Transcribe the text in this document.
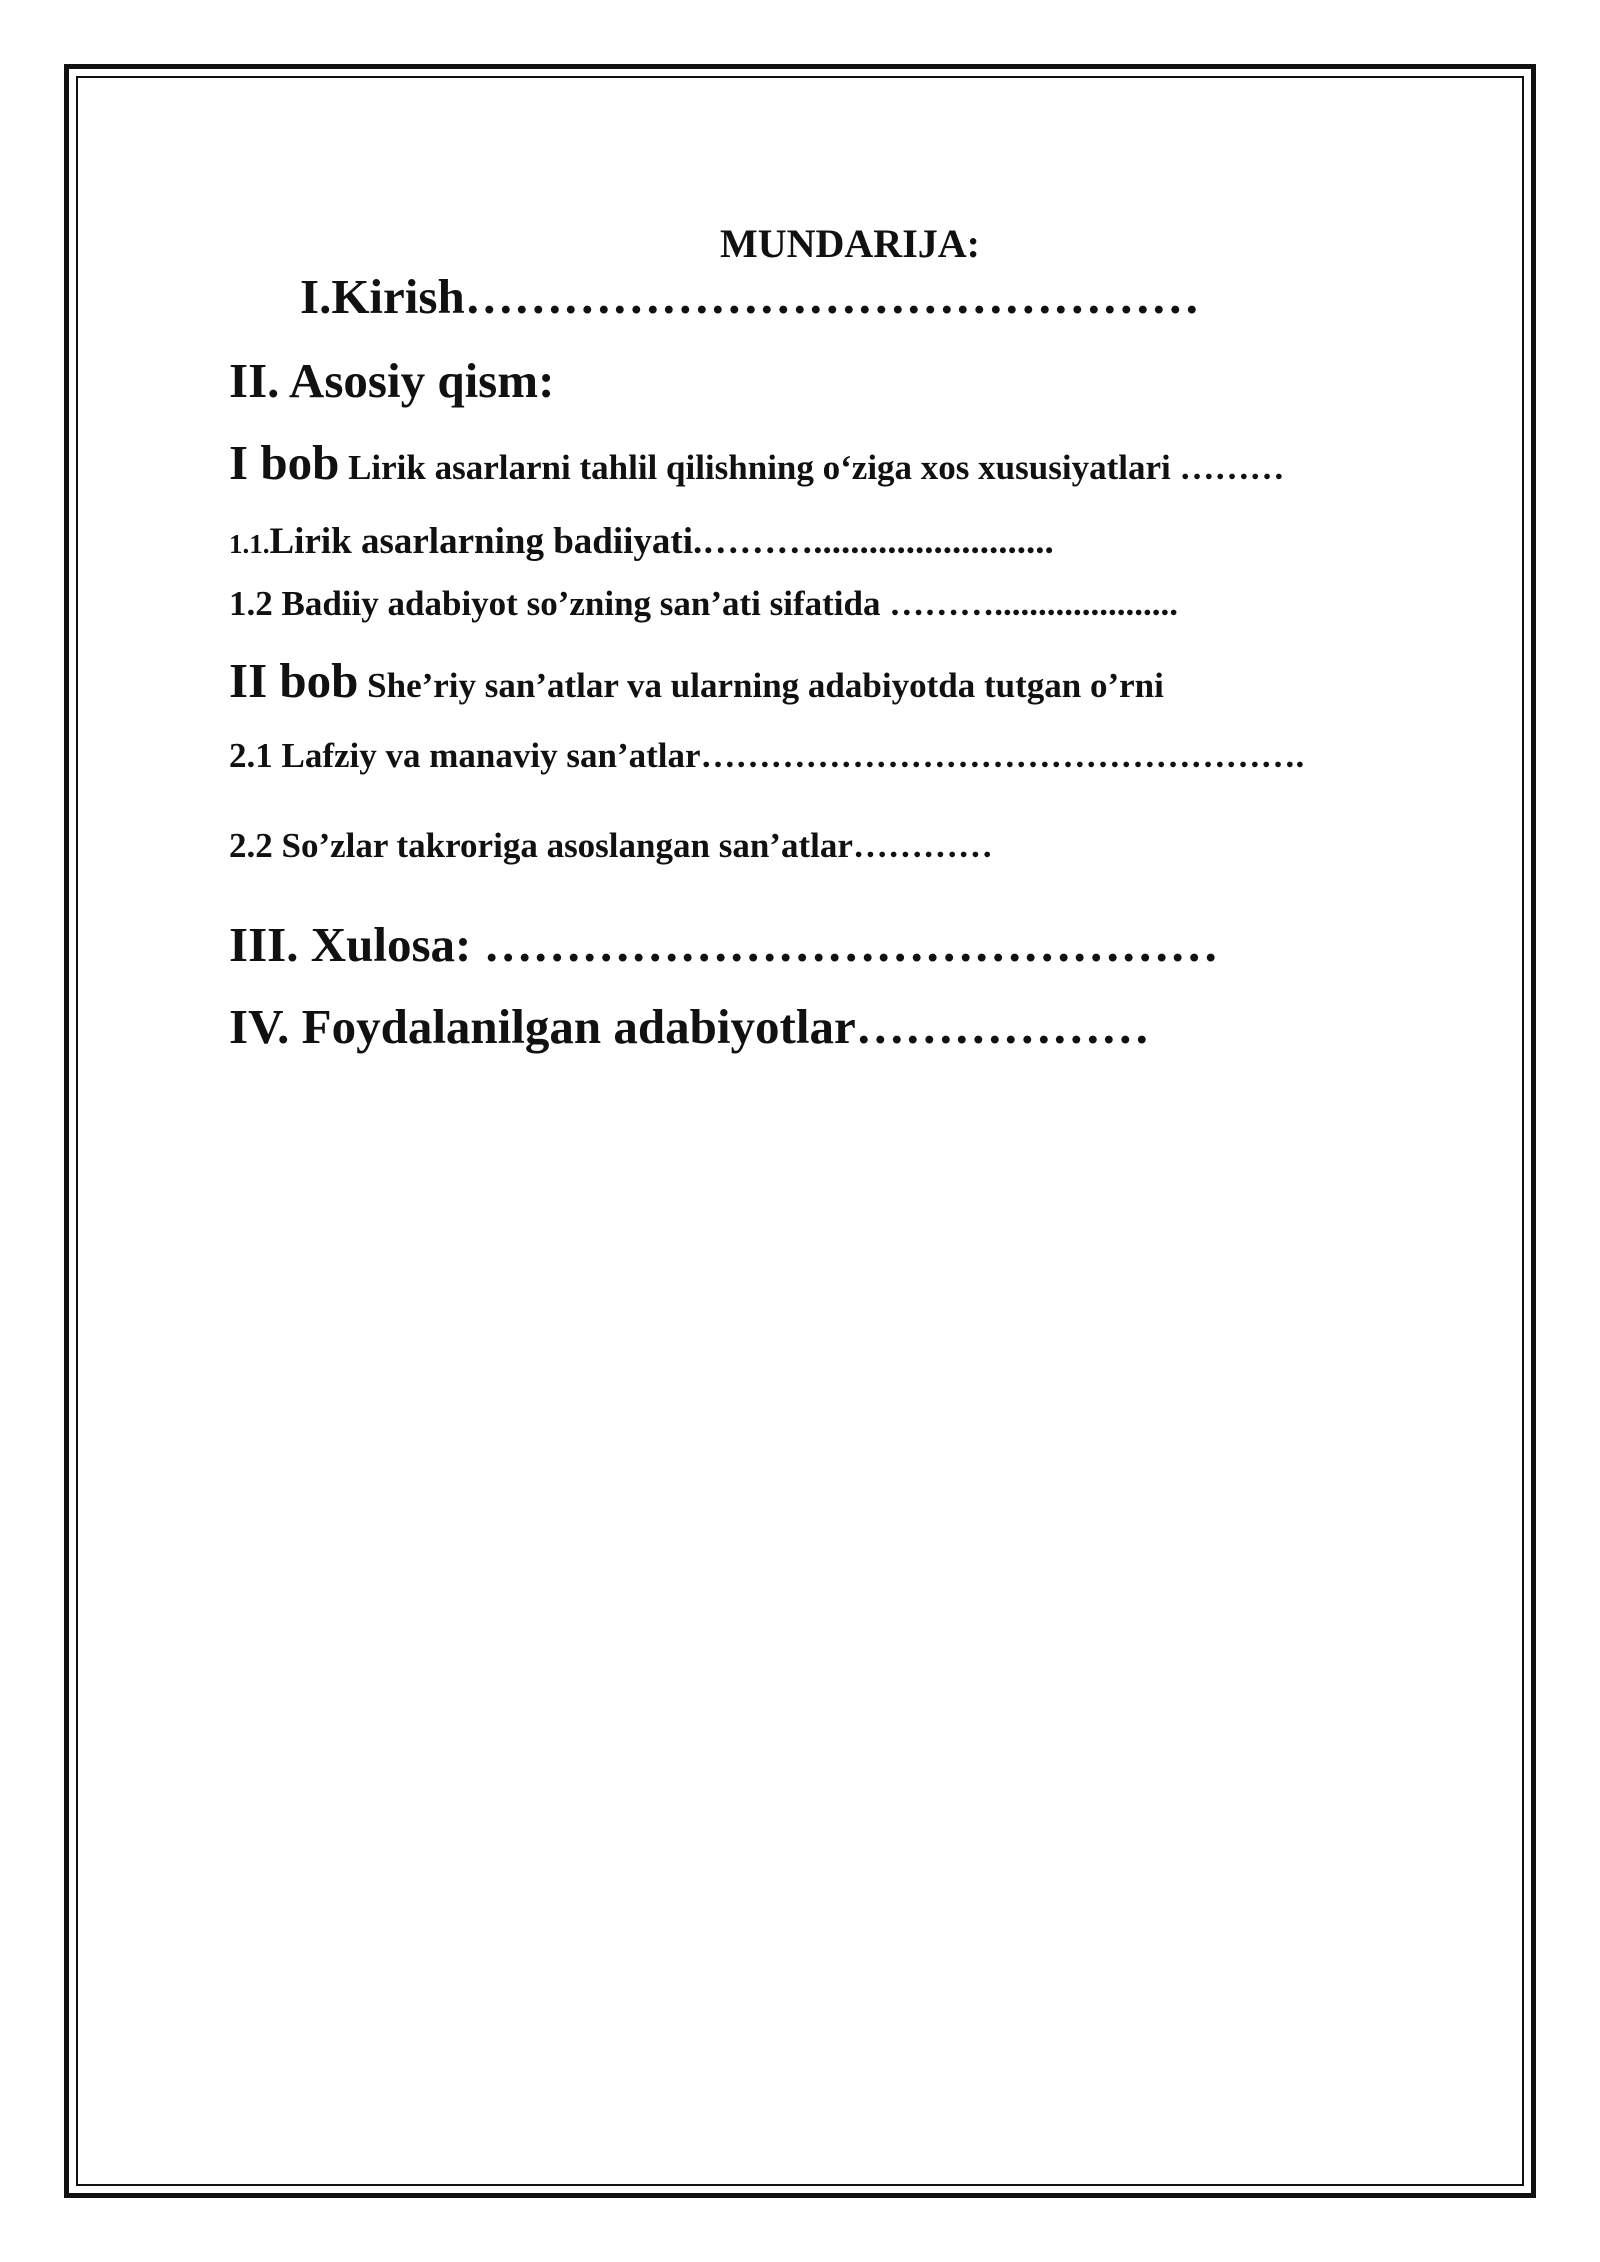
MUNDARIJA:
I.Kirish………………………………………
II. Asosiy qism:
I bob Lirik asarlarni tahlil qilishning o‘ziga xos xususiyatlari ………
1.1.Lirik asarlarning badiiyati.………..........................
1.2 Badiiy adabiyot so’zning san’ati sifatida ……….....................
II bob She’riy san’atlar va ularning adabiyotda tutgan o’rni
2.1 Lafziy va manaviy san’atlar…………………………………………….
2.2 So’zlar takroriga asoslangan san’atlar…………
III. Xulosa: ………………………………………
IV. Foydalanilgan adabiyotlar………………
